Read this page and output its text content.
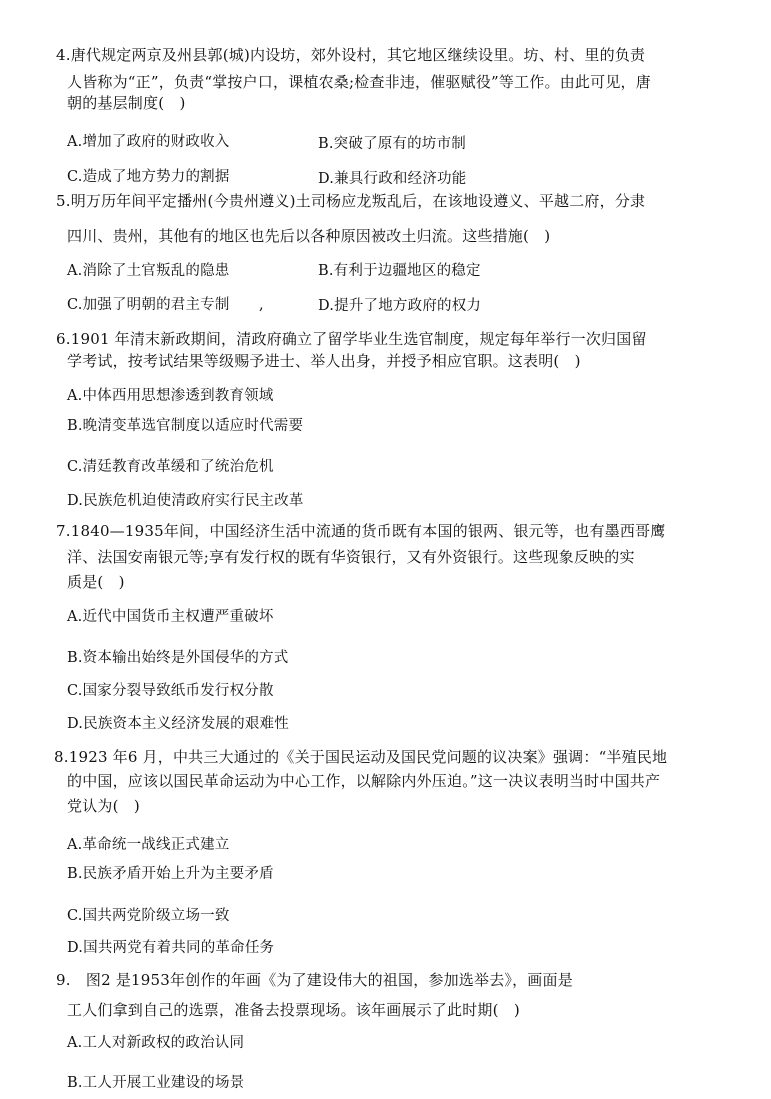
4.唐代规定两京及州县郭(城)内设坊，郊外设村，其它地区继续设里。坊、村、里的负责
人皆称为“正”，负责“掌按户口，课植农桑;检查非违，催驱赋役”等工作。由此可见，唐
朝的基层制度(　)
A.增加了政府的财政收入	B.突破了原有的坊市制
C.造成了地方势力的割据	D.兼具行政和经济功能
5.明万历年间平定播州(今贵州遵义)土司杨应龙叛乱后，在该地设遵义、平越二府，分隶
四川、贵州，其他有的地区也先后以各种原因被改土归流。这些措施(　)
A.消除了土官叛乱的隐患	B.有利于边疆地区的稳定
C.加强了明朝的君主专制　　,	D.提升了地方政府的权力
6.1901 年清末新政期间，清政府确立了留学毕业生选官制度，规定每年举行一次归国留
学考试，按考试结果等级赐予进士、举人出身，并授予相应官职。这表明(　)
A.中体西用思想渗透到教育领域
B.晚清变革选官制度以适应时代需要
C.清廷教育改革缓和了统治危机
D.民族危机迫使清政府实行民主改革
7.1840—1935年间，中国经济生活中流通的货币既有本国的银两、银元等，也有墨西哥鹰
洋、法国安南银元等;享有发行权的既有华资银行，又有外资银行。这些现象反映的实
质是(　)
A.近代中国货币主权遭严重破坏
B.资本输出始终是外国侵华的方式
C.国家分裂导致纸币发行权分散
D.民族资本主义经济发展的艰难性
8.1923 年6 月，中共三大通过的《关于国民运动及国民党问题的议决案》强调：“半殖民地
的中国，应该以国民革命运动为中心工作，以解除内外压迫。”这一决议表明当时中国共产
党认为(　)
A.革命统一战线正式建立
B.民族矛盾开始上升为主要矛盾
C.国共两党阶级立场一致
D.国共两党有着共同的革命任务
9.　图2 是1953年创作的年画《为了建设伟大的祖国，参加选举去》，画面是
工人们拿到自己的选票，准备去投票现场。该年画展示了此时期(　)
A.工人对新政权的政治认同
B.工人开展工业建设的场景
